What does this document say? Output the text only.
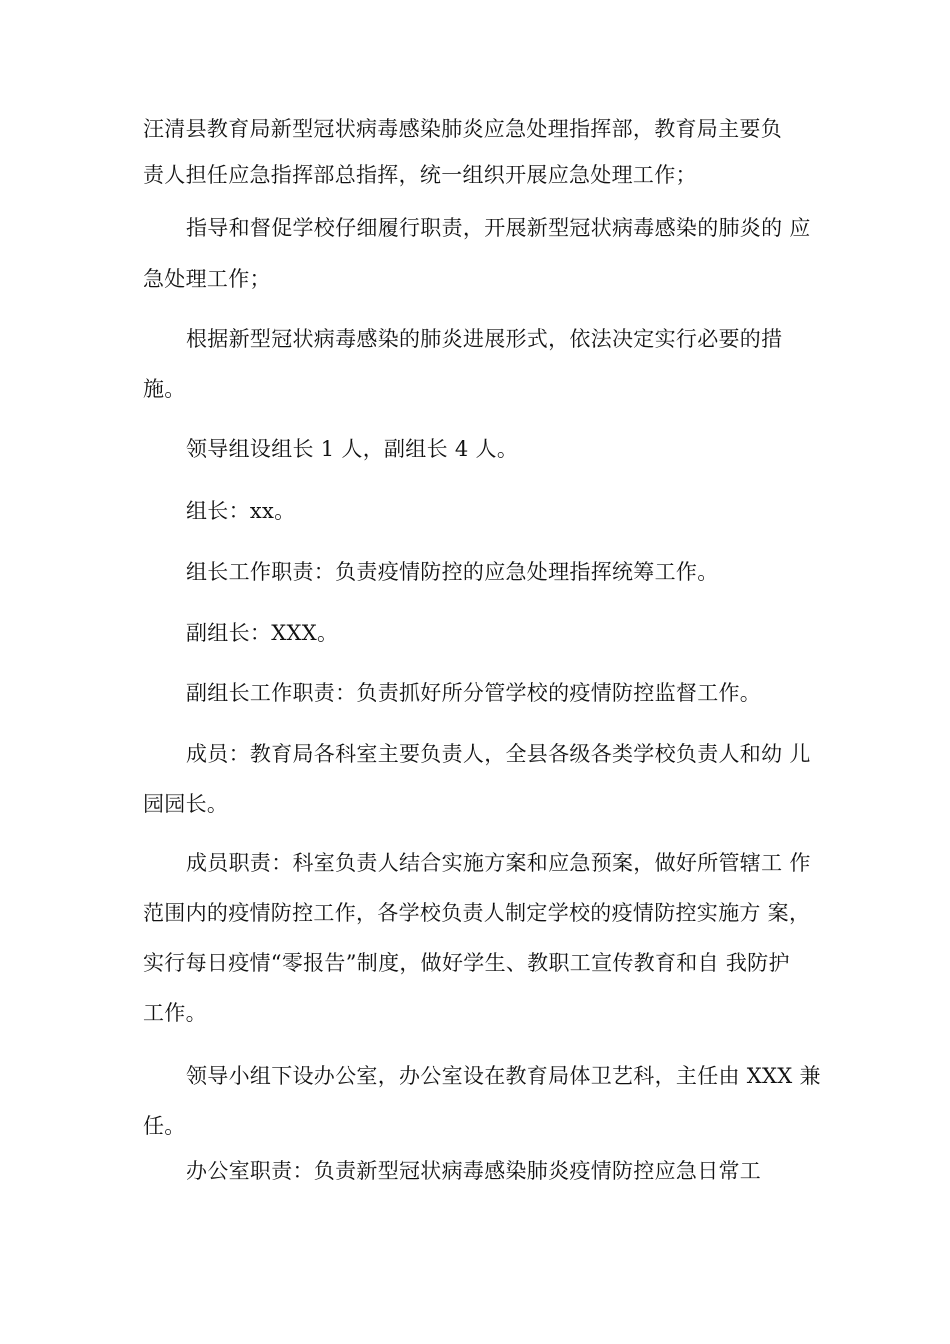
汪清县教育局新型冠状病毒感染肺炎应急处理指挥部，教育局主要负
责人担任应急指挥部总指挥，统一组织开展应急处理工作；
指导和督促学校仔细履行职责，开展新型冠状病毒感染的肺炎的 应
急处理工作；
根据新型冠状病毒感染的肺炎进展形式，依法决定实行必要的措
施。
领导组设组长 1 人，副组长 4 人。
组长：xx。
组长工作职责：负责疫情防控的应急处理指挥统筹工作。
副组长：XXX。
副组长工作职责：负责抓好所分管学校的疫情防控监督工作。
成员：教育局各科室主要负责人，全县各级各类学校负责人和幼 儿
园园长。
成员职责：科室负责人结合实施方案和应急预案，做好所管辖工 作
范围内的疫情防控工作，各学校负责人制定学校的疫情防控实施方 案，
实行每日疫情“零报告”制度，做好学生、教职工宣传教育和自 我防护
工作。
领导小组下设办公室，办公室设在教育局体卫艺科，主任由 XXX 兼
任。
办公室职责：负责新型冠状病毒感染肺炎疫情防控应急日常工
